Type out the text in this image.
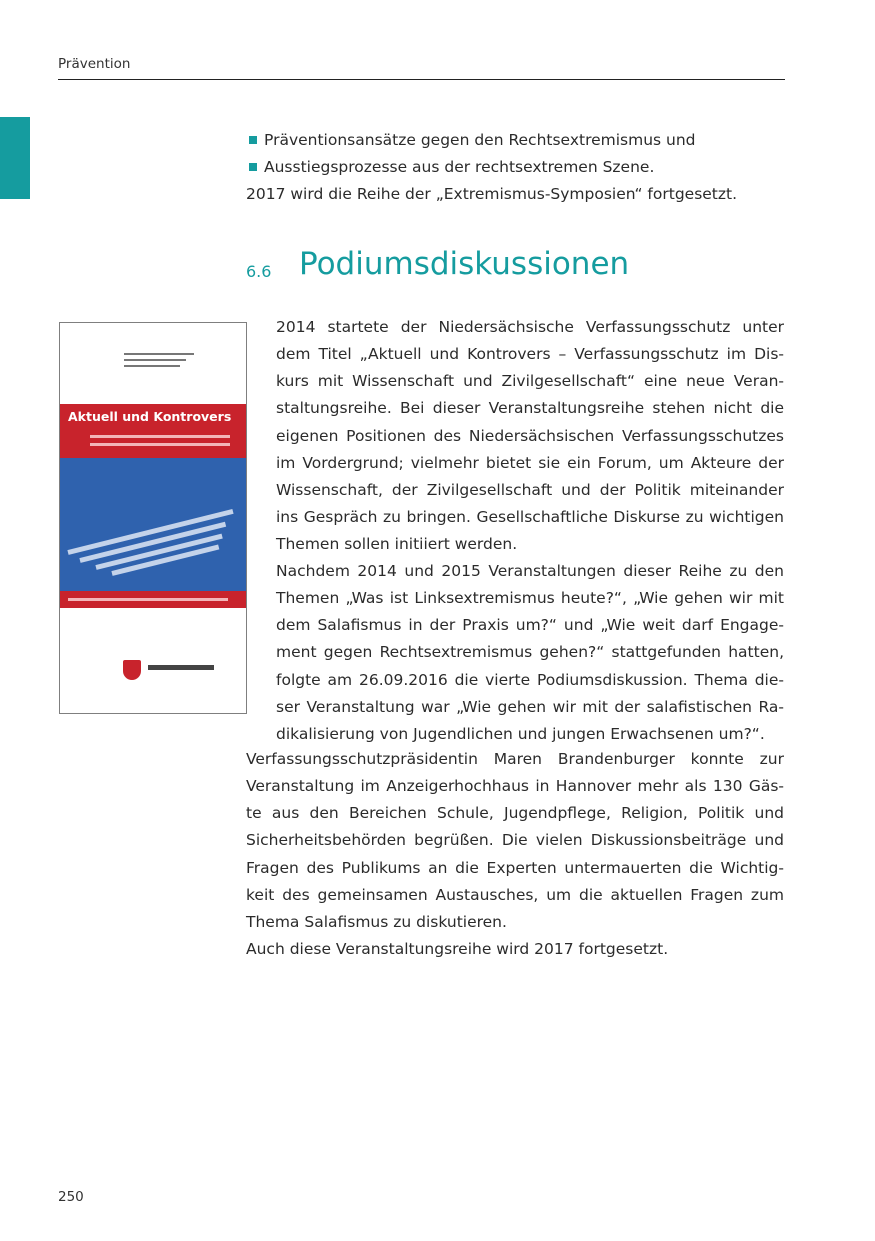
Prävention
Präventionsansätze gegen den Rechtsextremismus und
Ausstiegsprozesse aus der rechtsextremen Szene.
2017 wird die Reihe der „Extremismus-Symposien“ fortgesetzt.
6.6 Podiumsdiskussionen
Aktuell und Kontrovers
2014 startete der Niedersächsische Verfassungsschutz unter
dem Titel „Aktuell und Kontrovers – Verfassungsschutz im Dis-
kurs mit Wissenschaft und Zivilgesellschaft“ eine neue Veran-
staltungsreihe. Bei dieser Veranstaltungsreihe stehen nicht die
eigenen Positionen des Niedersächsischen Verfassungsschutzes
im Vordergrund; vielmehr bietet sie ein Forum, um Akteure der
Wissenschaft, der Zivilgesellschaft und der Politik miteinander
ins Gespräch zu bringen. Gesellschaftliche Diskurse zu wichtigen
Themen sollen initiiert werden.
Nachdem 2014 und 2015 Veranstaltungen dieser Reihe zu den
Themen „Was ist Linksextremismus heute?“, „Wie gehen wir mit
dem Salafismus in der Praxis um?“ und „Wie weit darf Engage-
ment gegen Rechtsextremismus gehen?“ stattgefunden hatten,
folgte am 26.09.2016 die vierte Podiumsdiskussion. Thema die-
ser Veranstaltung war „Wie gehen wir mit der salafistischen Ra-
dikalisierung von Jugendlichen und jungen Erwachsenen um?“.
Verfassungsschutzpräsidentin Maren Brandenburger konnte zur
Veranstaltung im Anzeigerhochhaus in Hannover mehr als 130 Gäs-
te aus den Bereichen Schule, Jugendpflege, Religion, Politik und
Sicherheitsbehörden begrüßen. Die vielen Diskussionsbeiträge und
Fragen des Publikums an die Experten untermauerten die Wichtig-
keit des gemeinsamen Austausches, um die aktuellen Fragen zum
Thema Salafismus zu diskutieren.
Auch diese Veranstaltungsreihe wird 2017 fortgesetzt.
250
